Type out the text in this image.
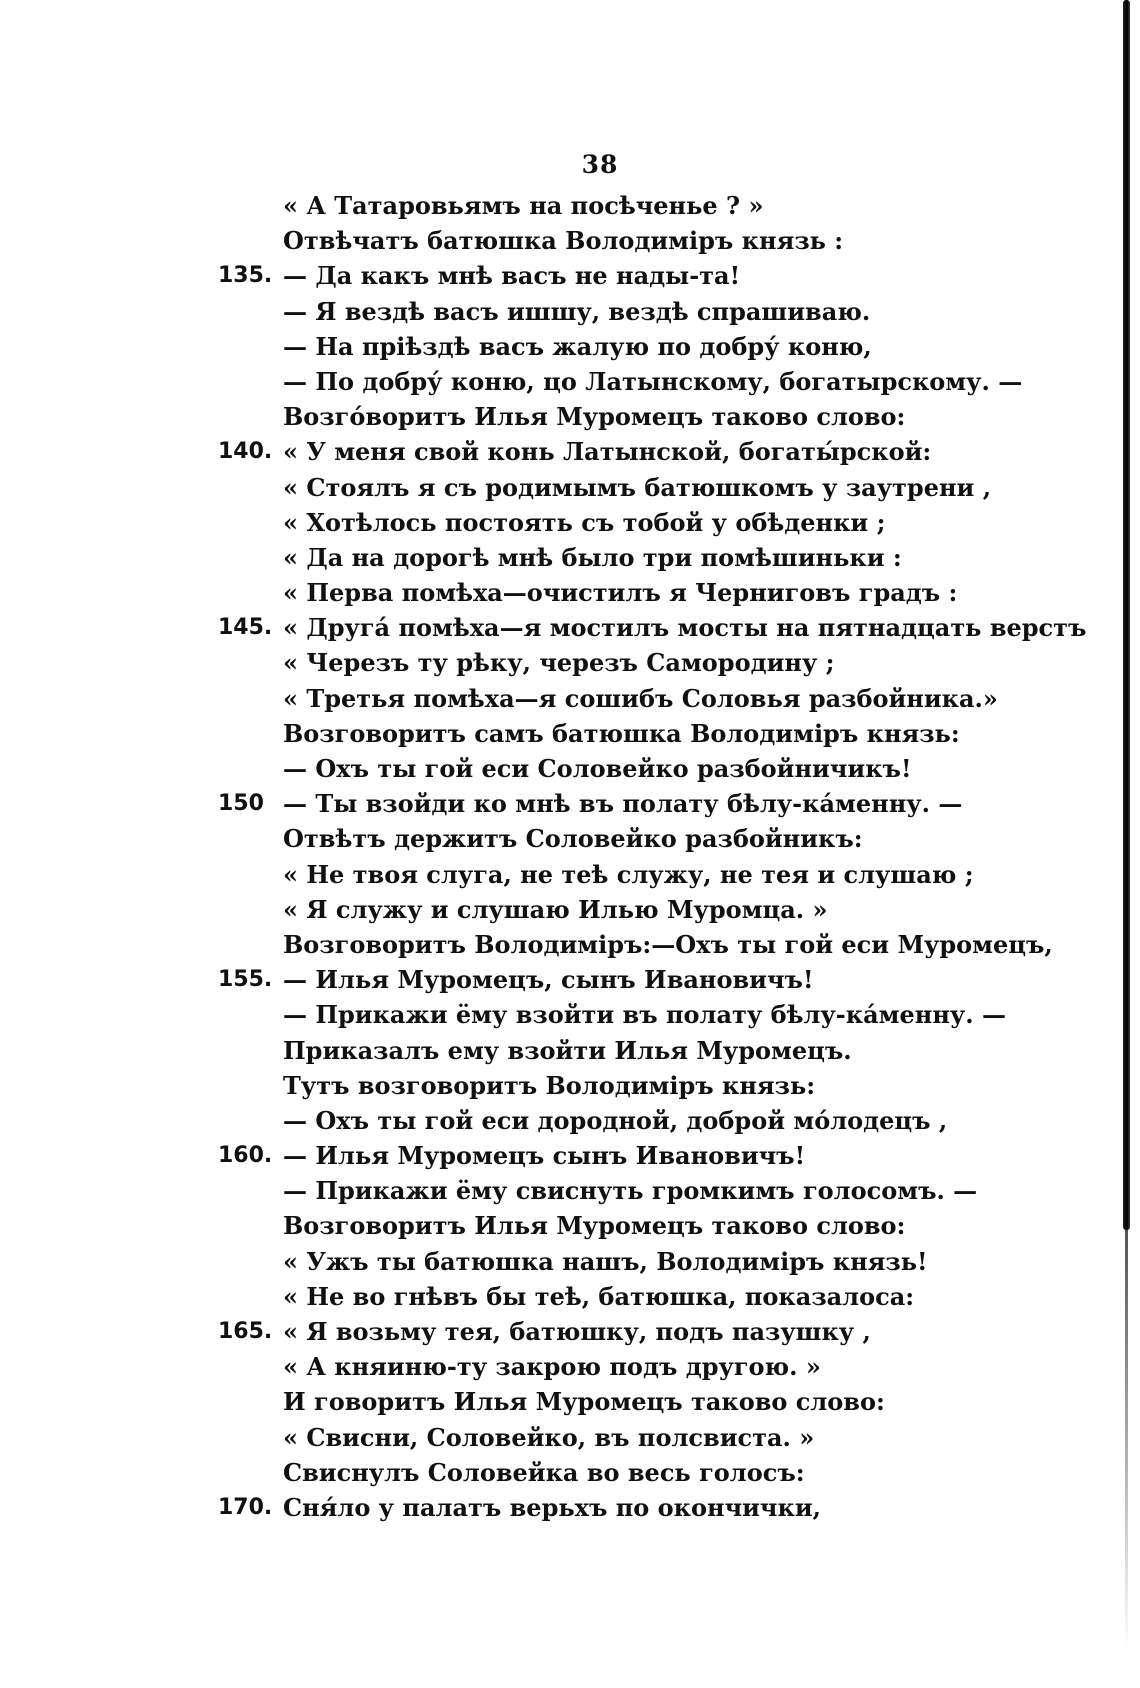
38
« А Татаровьямъ на посѣченье ? »
Отвѣчатъ батюшка Володиміръ князь :
135. — Да какъ мнѣ васъ не нады-та!
— Я вездѣ васъ ишшу, вездѣ спрашиваю.
— На прiѣздѣ васъ жалую по добру́ коню,
— По добру́ коню, цо Латынскому, богатырскому. —
Возго́воритъ Илья Муромецъ таково слово:
140. « У меня свой конь Латынской, богаты́рской:
« Стоялъ я съ родимымъ батюшкомъ у заутрени ,
« Хотѣлось постоять съ тобой у обѣденки ;
« Да на дорогѣ мнѣ было три помѣшиньки :
« Перва помѣха—очистилъ я Черниговъ градъ :
145. « Друга́ помѣха—я мостилъ мосты на пятнадцать верстъ
« Черезъ ту рѣку, черезъ Самородину ;
« Третья помѣха—я сошибъ Соловья разбойника.»
Возговоритъ самъ батюшка Володиміръ князь:
— Охъ ты гой еси Соловейко разбойничикъ!
150 — Ты взойди ко мнѣ въ полату бѣлу-ка́менну. —
Отвѣтъ держитъ Соловейко разбойникъ:
« Не твоя слуга, не теѣ служу, не тея и слушаю ;
« Я служу и слушаю Илью Муромца. »
Возговоритъ Володиміръ:—Охъ ты гой еси Муромецъ,
155. — Илья Муромецъ, сынъ Ивановичъ!
— Прикажи ёму взойти въ полату бѣлу-ка́менну. —
Приказалъ ему взойти Илья Муромецъ.
Тутъ возговоритъ Володиміръ князь:
— Охъ ты гой еси дородной, доброй мо́лодецъ ,
160. — Илья Муромецъ сынъ Ивановичъ!
— Прикажи ёму свиснуть громкимъ голосомъ. —
Возговоритъ Илья Муромецъ таково слово:
« Ужъ ты батюшка нашъ, Володиміръ князь!
« Не во гнѣвъ бы теѣ, батюшка, показалоса:
165. « Я возьму тея, батюшку, подъ пазушку ,
« А княиню-ту закрою подъ другою. »
И говоритъ Илья Муромецъ таково слово:
« Свисни, Соловейко, въ полсвиста. »
Свиснулъ Соловейка во весь голосъ:
170. Сня́ло у палатъ верьхъ по окончички,
